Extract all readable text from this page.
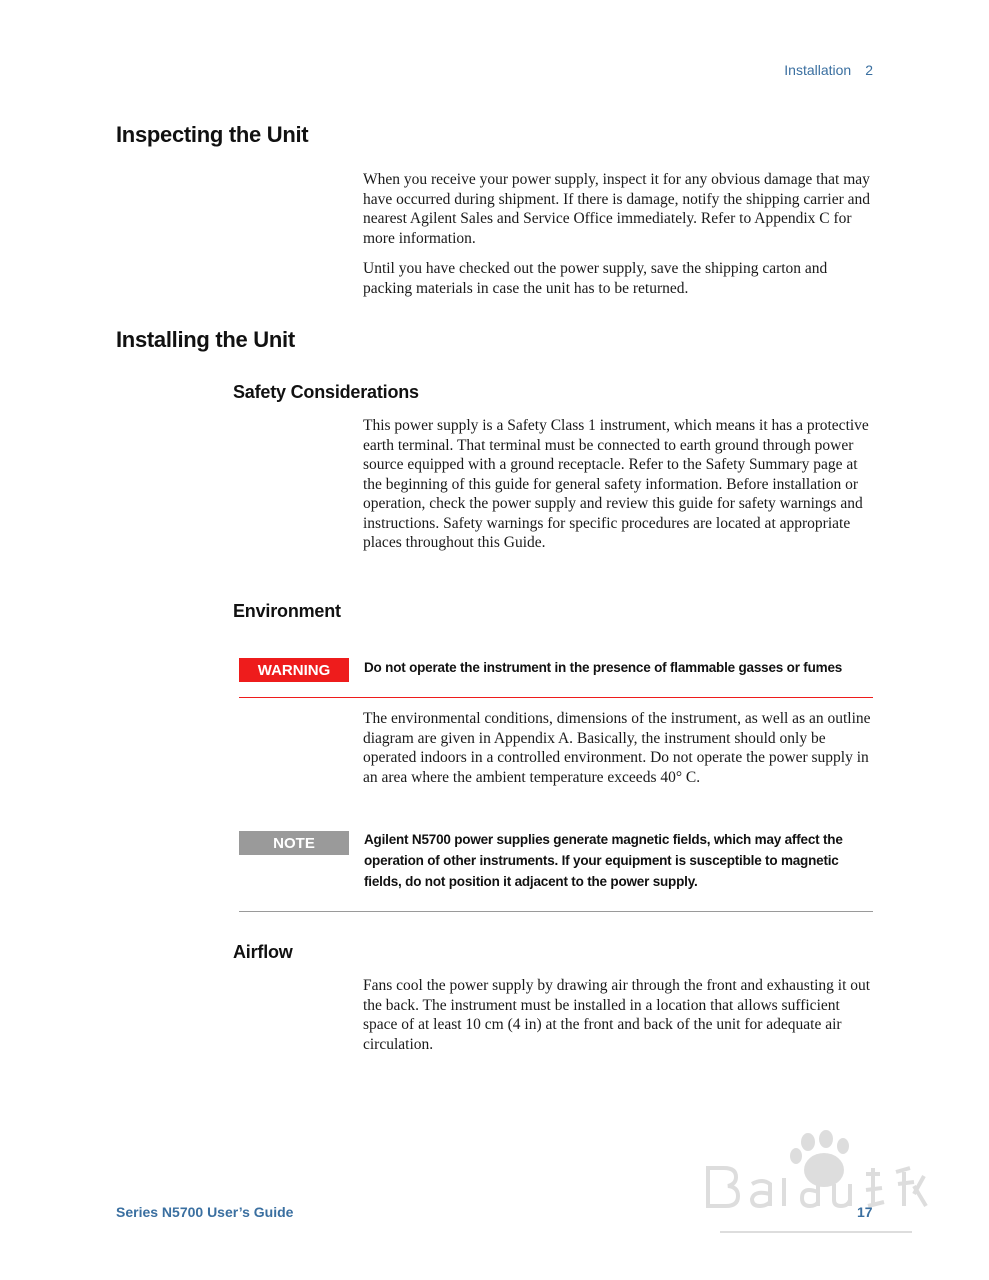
Installation 2
Inspecting the Unit

When you receive your power supply, inspect it for any obvious damage that may have occurred during shipment. If there is damage, notify the shipping carrier and nearest Agilent Sales and Service Office immediately. Refer to Appendix C for more information.

Until you have checked out the power supply, save the shipping carton and packing materials in case the unit has to be returned.

Installing the Unit
Safety Considerations

This power supply is a Safety Class 1 instrument, which means it has a protective earth terminal. That terminal must be connected to earth ground through power source equipped with a ground receptacle. Refer to the Safety Summary page at the beginning of this guide for general safety information. Before installation or operation, check the power supply and review this guide for safety warnings and instructions. Safety warnings for specific procedures are located at appropriate places throughout this Guide.

Environment
WARNING	Do not operate the instrument in the presence of flammable gasses or fumes

The environmental conditions, dimensions of the instrument, as well as an outline diagram are given in Appendix A. Basically, the instrument should only be operated indoors in a controlled environment. Do not operate the power supply in an area where the ambient temperature exceeds 40° C.

NOTE	Agilent N5700 power supplies generate magnetic fields, which may affect the operation of other instruments. If your equipment is susceptible to magnetic fields, do not position it adjacent to the power supply.
Airflow

Fans cool the power supply by drawing air through the front and exhausting it out the back. The instrument must be installed in a location that allows sufficient space of at least 10 cm (4 in) at the front and back of the unit for adequate air circulation.

Series N5700 User’s Guide	17
